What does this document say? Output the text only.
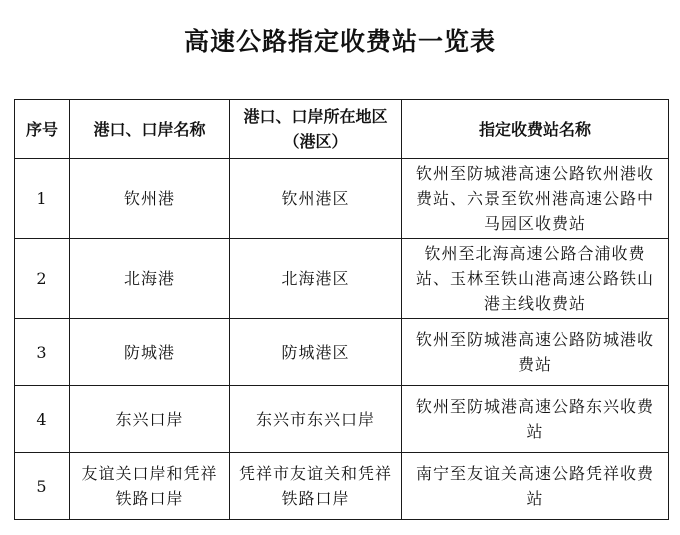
高速公路指定收费站一览表
序号	港口、口岸名称	港口、口岸所在地区（港区）	指定收费站名称
1	钦州港	钦州港区	钦州至防城港高速公路钦州港收费站、六景至钦州港高速公路中马园区收费站
2	北海港	北海港区	钦州至北海高速公路合浦收费站、玉林至铁山港高速公路铁山港主线收费站
3	防城港	防城港区	钦州至防城港高速公路防城港收费站
4	东兴口岸	东兴市东兴口岸	钦州至防城港高速公路东兴收费站
5	友谊关口岸和凭祥铁路口岸	凭祥市友谊关和凭祥铁路口岸	南宁至友谊关高速公路凭祥收费站
